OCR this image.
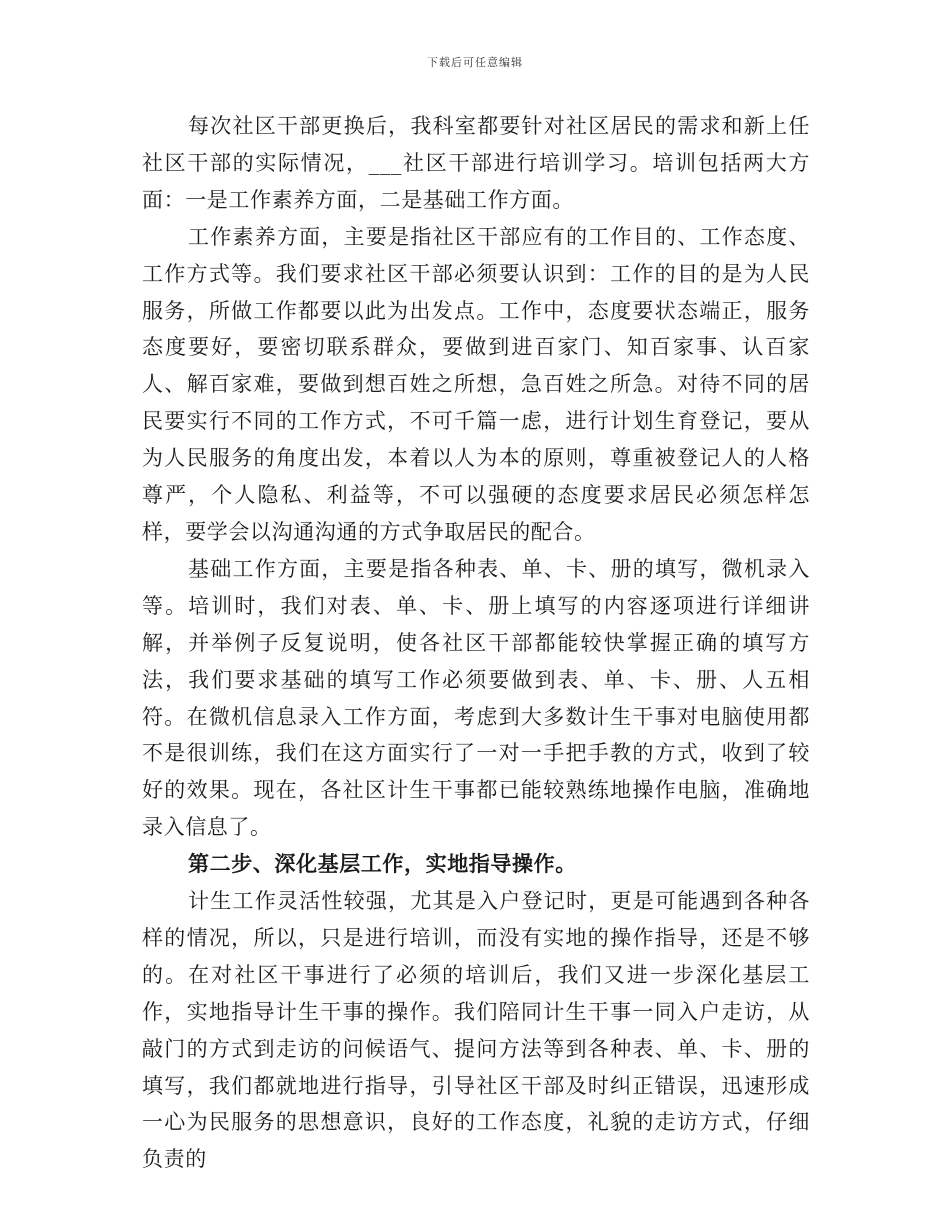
下载后可任意编辑

每次社区干部更换后，我科室都要针对社区居民的需求和新上任社区干部的实际情况，___社区干部进行培训学习。培训包括两大方面：一是工作素养方面，二是基础工作方面。

工作素养方面，主要是指社区干部应有的工作目的、工作态度、工作方式等。我们要求社区干部必须要认识到：工作的目的是为人民服务，所做工作都要以此为出发点。工作中，态度要状态端正，服务态度要好，要密切联系群众，要做到进百家门、知百家事、认百家人、解百家难，要做到想百姓之所想，急百姓之所急。对待不同的居民要实行不同的工作方式，不可千篇一虑，进行计划生育登记，要从为人民服务的角度出发，本着以人为本的原则，尊重被登记人的人格尊严，个人隐私、利益等，不可以强硬的态度要求居民必须怎样怎样，要学会以沟通沟通的方式争取居民的配合。

基础工作方面，主要是指各种表、单、卡、册的填写，微机录入等。培训时，我们对表、单、卡、册上填写的内容逐项进行详细讲解，并举例子反复说明，使各社区干部都能较快掌握正确的填写方法，我们要求基础的填写工作必须要做到表、单、卡、册、人五相符。在微机信息录入工作方面，考虑到大多数计生干事对电脑使用都不是很训练，我们在这方面实行了一对一手把手教的方式，收到了较好的效果。现在，各社区计生干事都已能较熟练地操作电脑，准确地录入信息了。

第二步、深化基层工作，实地指导操作。

计生工作灵活性较强，尤其是入户登记时，更是可能遇到各种各样的情况，所以，只是进行培训，而没有实地的操作指导，还是不够的。在对社区干事进行了必须的培训后，我们又进一步深化基层工作，实地指导计生干事的操作。我们陪同计生干事一同入户走访，从敲门的方式到走访的问候语气、提问方法等到各种表、单、卡、册的填写，我们都就地进行指导，引导社区干部及时纠正错误，迅速形成一心为民服务的思想意识，良好的工作态度，礼貌的走访方式，仔细负责的
